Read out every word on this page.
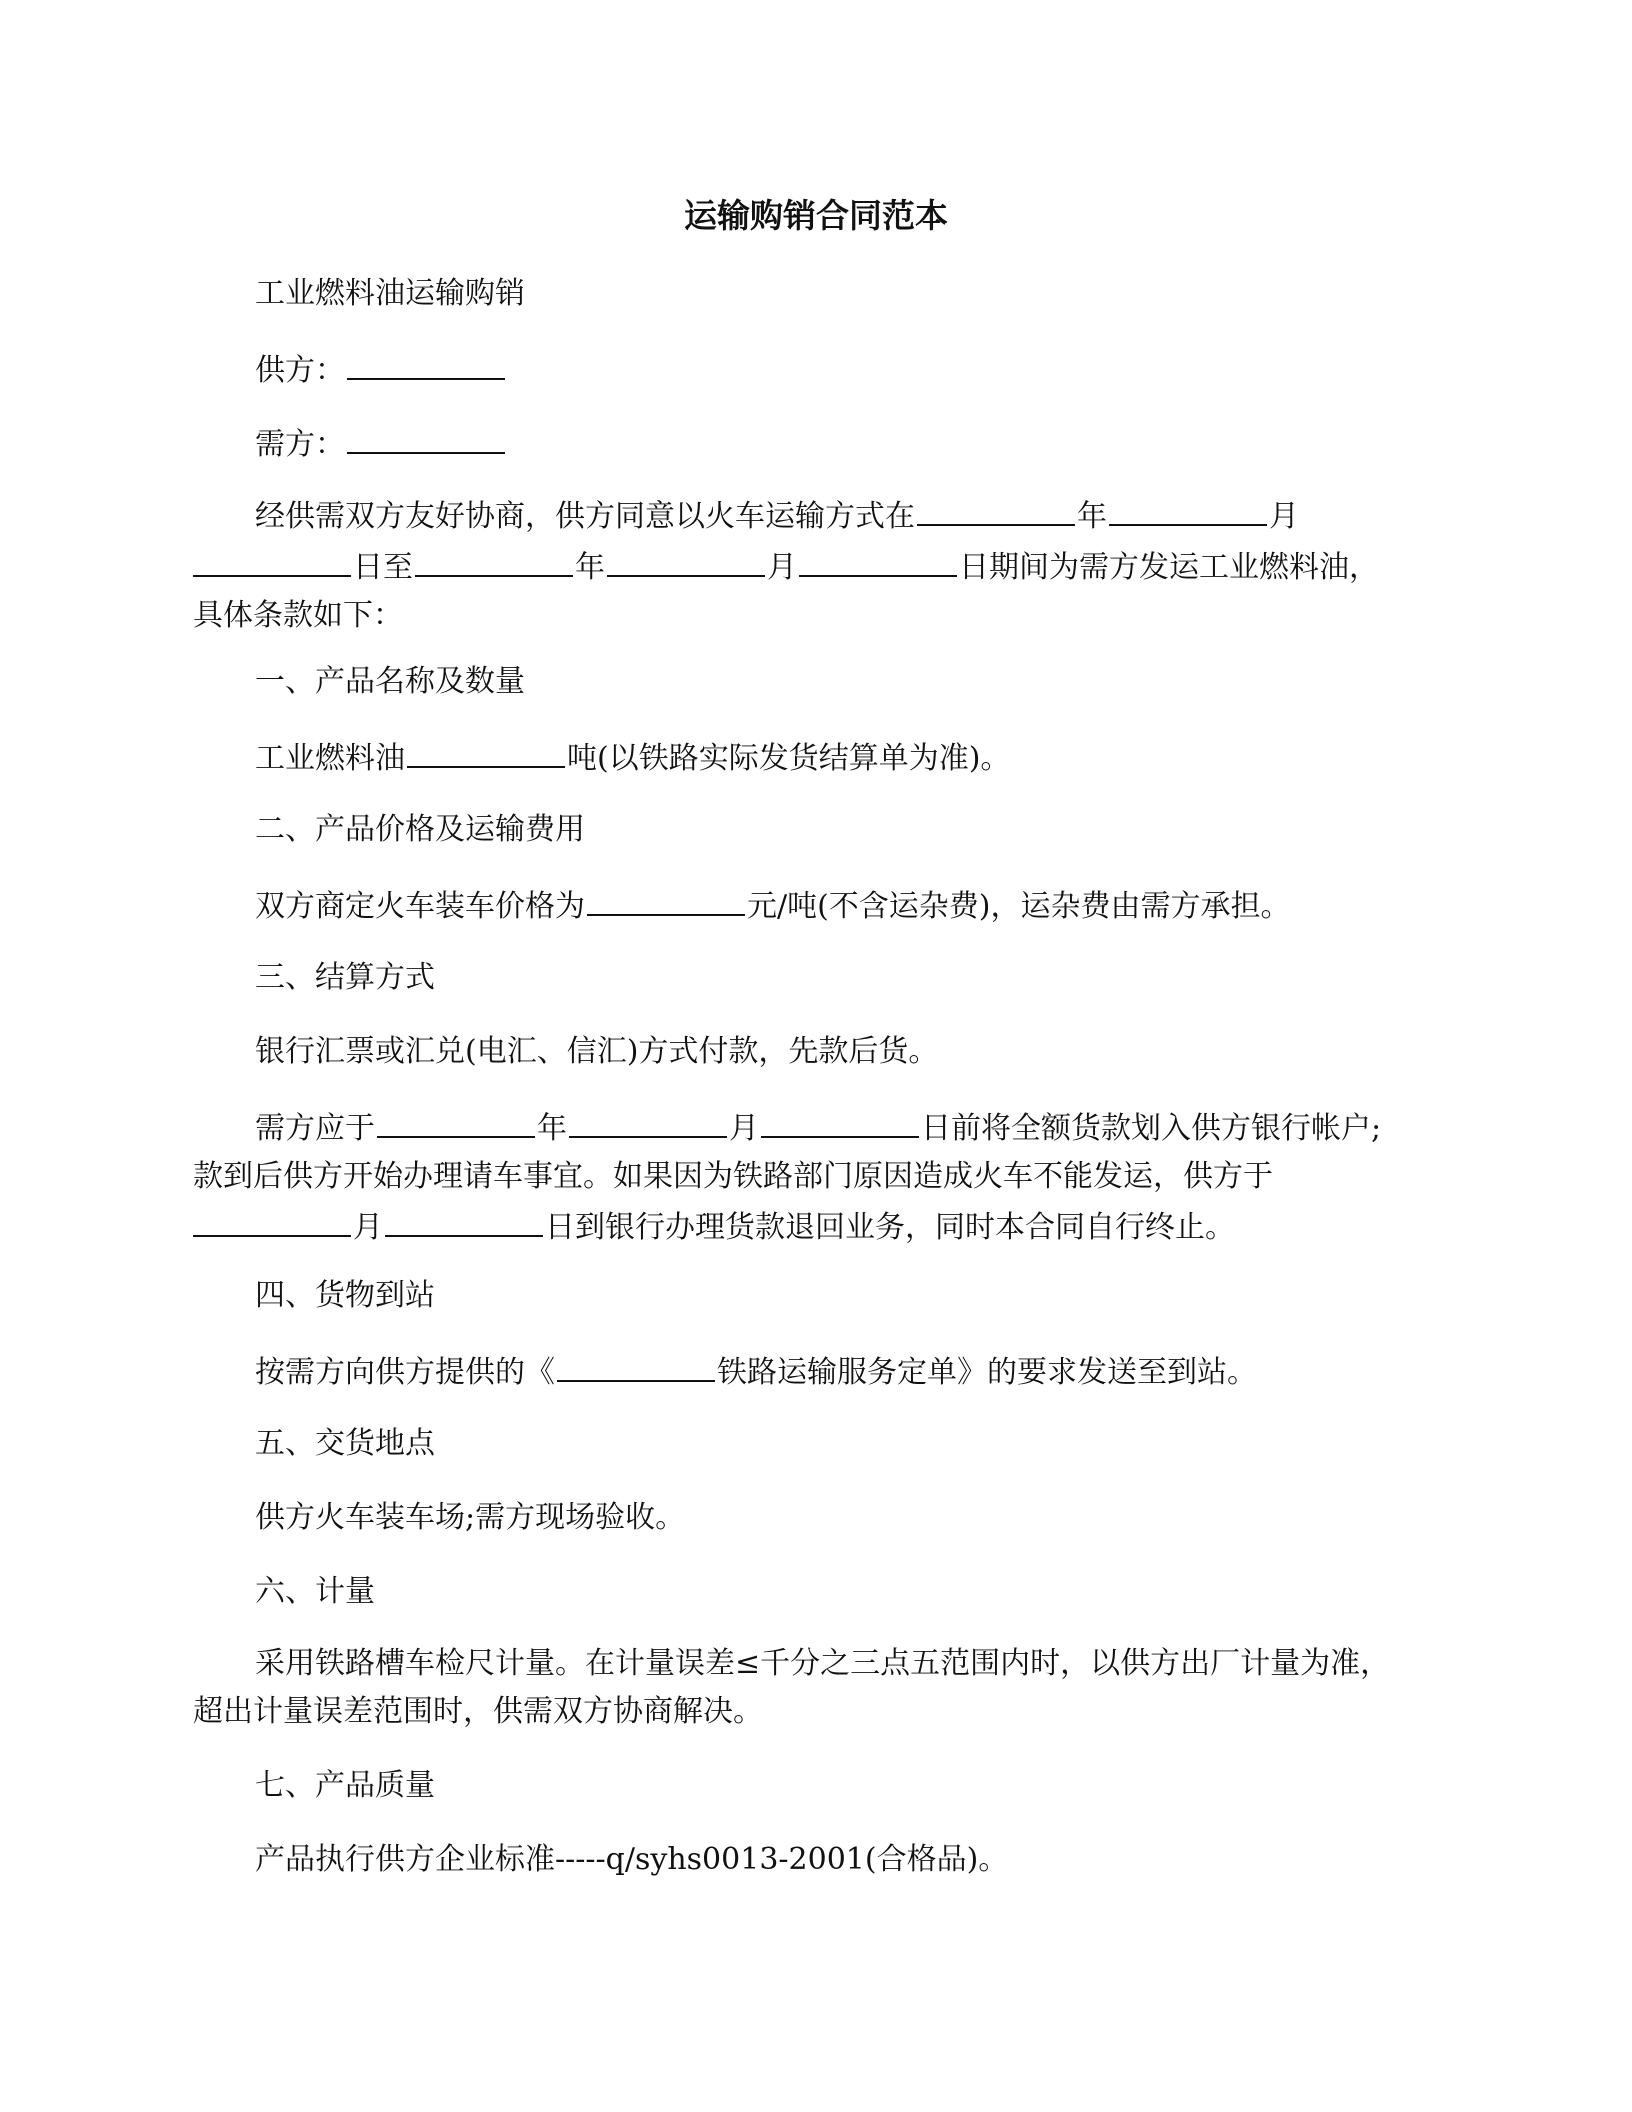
运输购销合同范本
工业燃料油运输购销
供方：
需方：
经供需双方友好协商，供方同意以火车运输方式在	年	月
日至	年	月	日期间为需方发运工业燃料油，
具体条款如下：
一、产品名称及数量
工业燃料油	吨(以铁路实际发货结算单为准)。
二、产品价格及运输费用
双方商定火车装车价格为	元/吨(不含运杂费)，运杂费由需方承担。
三、结算方式
银行汇票或汇兑(电汇、信汇)方式付款，先款后货。
需方应于	年	月	日前将全额货款划入供方银行帐户;
款到后供方开始办理请车事宜。如果因为铁路部门原因造成火车不能发运，供方于
月	日到银行办理货款退回业务，同时本合同自行终止。
四、货物到站
按需方向供方提供的《	铁路运输服务定单》的要求发送至到站。
五、交货地点
供方火车装车场;需方现场验收。
六、计量
采用铁路槽车检尺计量。在计量误差≤千分之三点五范围内时，以供方出厂计量为准，
超出计量误差范围时，供需双方协商解决。
七、产品质量
产品执行供方企业标准-----q/syhs0013-2001(合格品)。
